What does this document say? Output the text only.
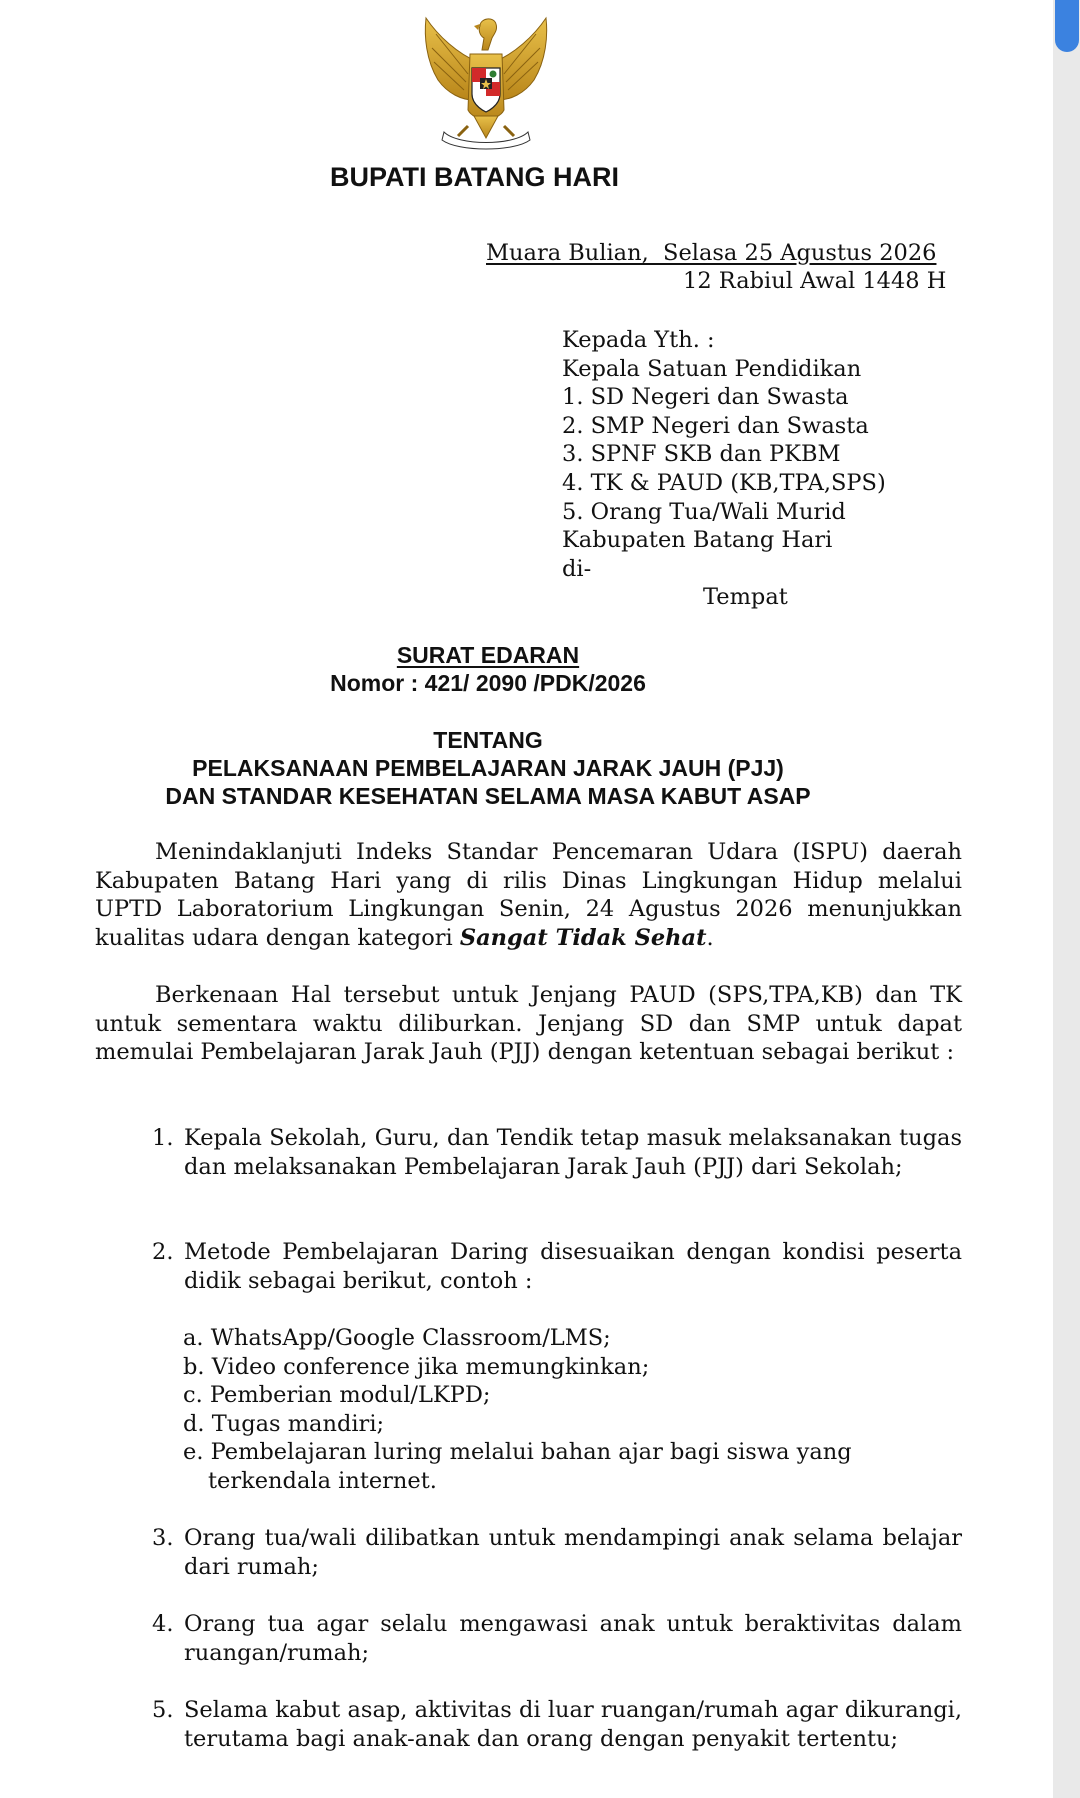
BUPATI BATANG HARI
Muara Bulian,  Selasa 25 Agustus 2026
12 Rabiul Awal 1448 H
Kepada Yth. :
Kepala Satuan Pendidikan
1. SD Negeri dan Swasta
2. SMP Negeri dan Swasta
3. SPNF SKB dan PKBM
4. TK & PAUD (KB,TPA,SPS)
5. Orang Tua/Wali Murid
Kabupaten Batang Hari
di-
Tempat
SURAT EDARAN
Nomor : 421/ 2090 /PDK/2026
TENTANG
PELAKSANAAN PEMBELAJARAN JARAK JAUH (PJJ)
DAN STANDAR KESEHATAN SELAMA MASA KABUT ASAP
Menindaklanjuti Indeks Standar Pencemaran Udara (ISPU) daerah Kabupaten Batang Hari yang di rilis Dinas Lingkungan Hidup melalui UPTD Laboratorium Lingkungan Senin, 24 Agustus 2026 menunjukkan kualitas udara dengan kategori Sangat Tidak Sehat.
Berkenaan Hal tersebut untuk Jenjang PAUD (SPS,TPA,KB) dan TK untuk sementara waktu diliburkan. Jenjang SD dan SMP untuk dapat memulai Pembelajaran Jarak Jauh (PJJ) dengan ketentuan sebagai berikut :
1. Kepala Sekolah, Guru, dan Tendik tetap masuk melaksanakan tugas dan melaksanakan Pembelajaran Jarak Jauh (PJJ) dari Sekolah;
2. Metode Pembelajaran Daring disesuaikan dengan kondisi peserta didik sebagai berikut, contoh :
a. WhatsApp/Google Classroom/LMS;
b. Video conference jika memungkinkan;
c. Pemberian modul/LKPD;
d. Tugas mandiri;
e. Pembelajaran luring melalui bahan ajar bagi siswa yang
terkendala internet.
3. Orang tua/wali dilibatkan untuk mendampingi anak selama belajar dari rumah;
4. Orang tua agar selalu mengawasi anak untuk beraktivitas dalam ruangan/rumah;
5. Selama kabut asap, aktivitas di luar ruangan/rumah agar dikurangi, terutama bagi anak-anak dan orang dengan penyakit tertentu;
